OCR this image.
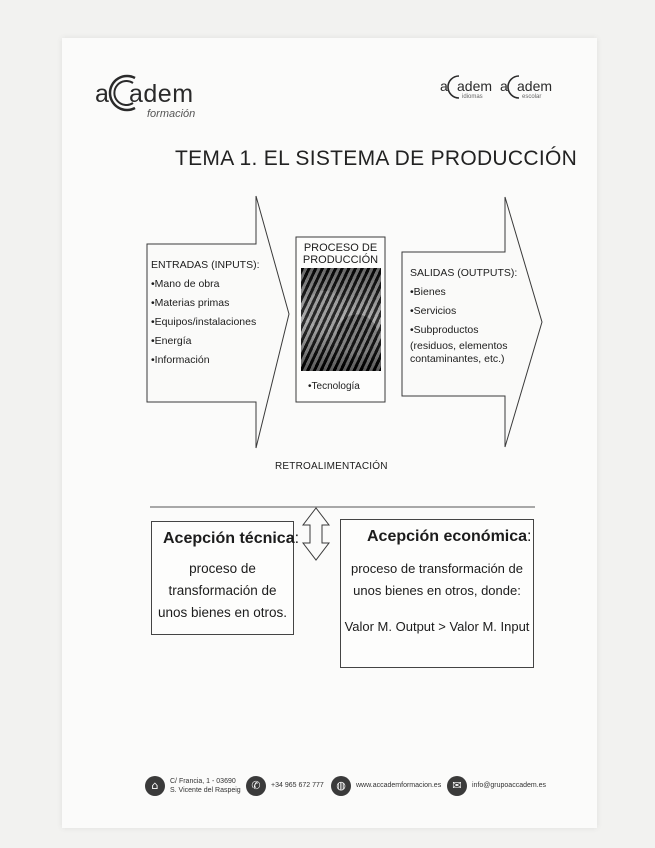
a adem
formación
a adem
idiomas
a adem
escolar
TEMA 1. EL SISTEMA DE PRODUCCIÓN
ENTRADAS (INPUTS):
•Mano de obra
•Materias primas
•Equipos/instalaciones
•Energía
•Información
PROCESO DE
PRODUCCIÓN
•Tecnología
SALIDAS (OUTPUTS):
•Bienes
•Servicios
•Subproductos
(residuos, elementos
contaminantes, etc.)
RETROALIMENTACIÓN
Acepción técnica:
proceso de
transformación de
unos bienes en otros.
Acepción económica:
proceso de transformación de
unos bienes en otros, donde:
Valor M. Output > Valor M. Input
⌂	C/ Francia, 1 - 03690
S. Vicente del Raspeig ✆	+34 965 672 777	◍	www.accademformacion.es	✉	info@grupoaccadem.es
